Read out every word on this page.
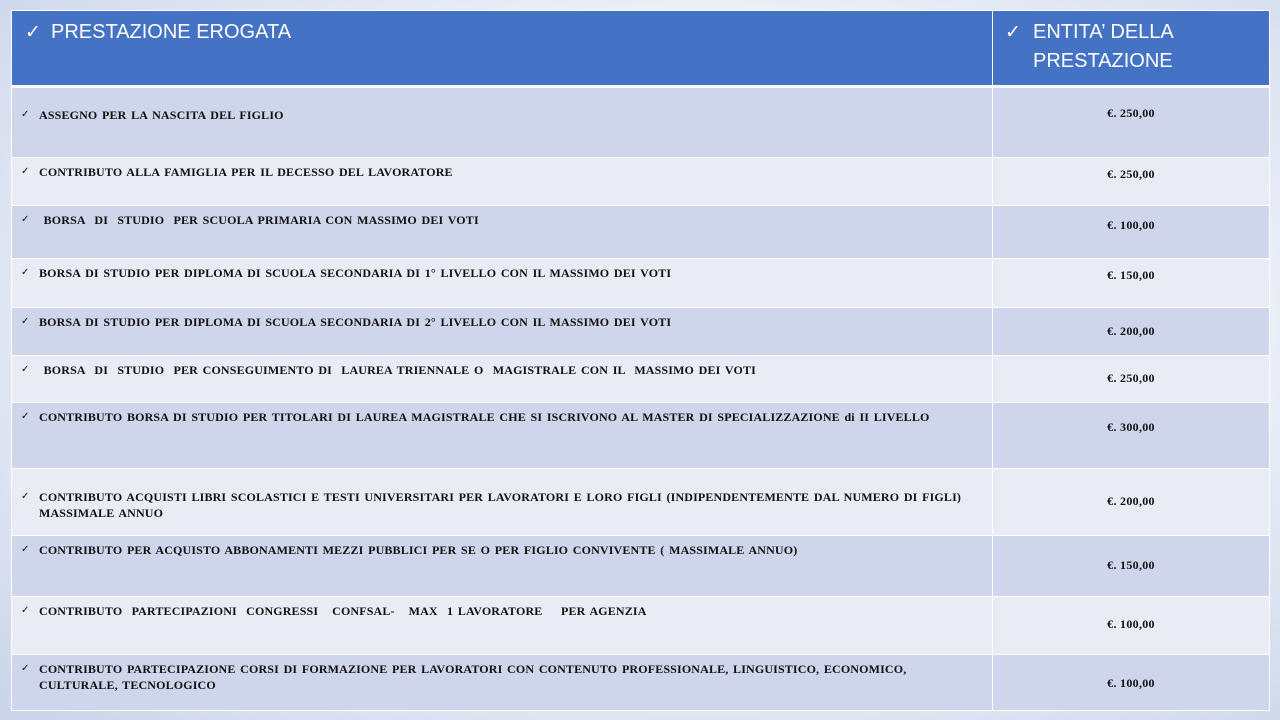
✓ PRESTAZIONE EROGATA	✓ ENTITA’ DELLA PRESTAZIONE

✓ ASSEGNO PER LA NASCITA DEL FIGLIO	€. 250,00

✓ CONTRIBUTO ALLA FAMIGLIA PER IL DECESSO DEL LAVORATORE	€. 250,00

✓ BORSA  DI  STUDIO  PER SCUOLA PRIMARIA CON MASSIMO DEI VOTI	€. 100,00

✓ BORSA DI STUDIO PER DIPLOMA DI SCUOLA SECONDARIA DI 1° LIVELLO CON IL MASSIMO DEI VOTI	€. 150,00

✓ BORSA DI STUDIO PER DIPLOMA DI SCUOLA SECONDARIA DI 2° LIVELLO CON IL MASSIMO DEI VOTI	€. 200,00

✓ BORSA  DI  STUDIO  PER CONSEGUIMENTO DI  LAUREA TRIENNALE O  MAGISTRALE CON IL  MASSIMO DEI VOTI	€. 250,00

✓ CONTRIBUTO BORSA DI STUDIO PER TITOLARI DI LAUREA MAGISTRALE CHE SI ISCRIVONO AL MASTER DI SPECIALIZZAZIONE di II LIVELLO	€. 300,00

✓ CONTRIBUTO ACQUISTI LIBRI SCOLASTICI E TESTI UNIVERSITARI PER LAVORATORI E LORO FIGLI (INDIPENDENTEMENTE DAL NUMERO DI FIGLI) MASSIMALE ANNUO	€. 200,00

✓ CONTRIBUTO PER ACQUISTO ABBONAMENTI MEZZI PUBBLICI PER SE O PER FIGLIO CONVIVENTE ( MASSIMALE ANNUO)	€. 150,00

✓ CONTRIBUTO  PARTECIPAZIONI  CONGRESSI   CONFSAL-   MAX  1 LAVORATORE    PER AGENZIA	€. 100,00

✓ CONTRIBUTO PARTECIPAZIONE CORSI DI FORMAZIONE PER LAVORATORI CON CONTENUTO PROFESSIONALE, LINGUISTICO, ECONOMICO, CULTURALE, TECNOLOGICO	€. 100,00
